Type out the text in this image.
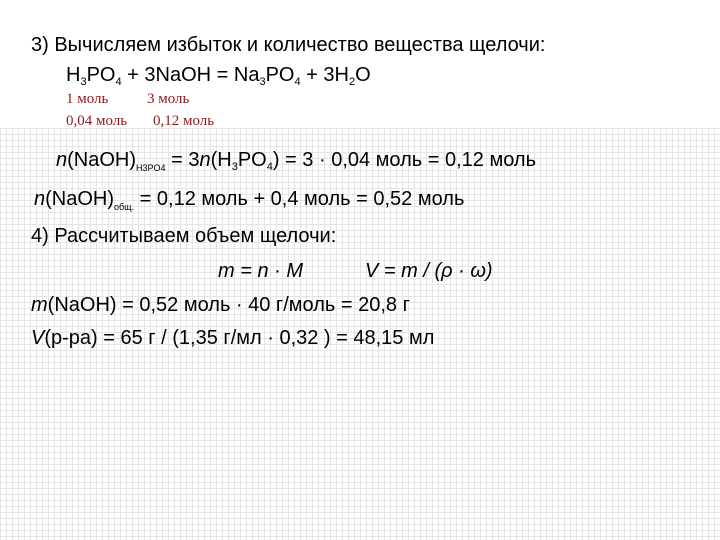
3) Вычисляем избыток и количество вещества щелочи:
$H_3PO_4$ + 3NaOH = $Na_3PO_4 + 3H_2O$
1 моль	3 моль
0,04 моль 0,12 моль
$n(NaOH)_{H3PO4} = 3n(H_3PO_4) = 3 \cdot 0,04$ моль = 0,12 моль
$n(NaOH)_{общ.} = 0,12$ моль + 0,4 моль = 0,52 моль
4) Рассчитываем объем щелочи:
m = n · M	V = m / (ρ · ω)
m(NaOH) = 0,52 моль · 40 г/моль = 20,8 г
V(р-ра) = 65 г / (1,35 г/мл · 0,32 ) = 48,15 мл
